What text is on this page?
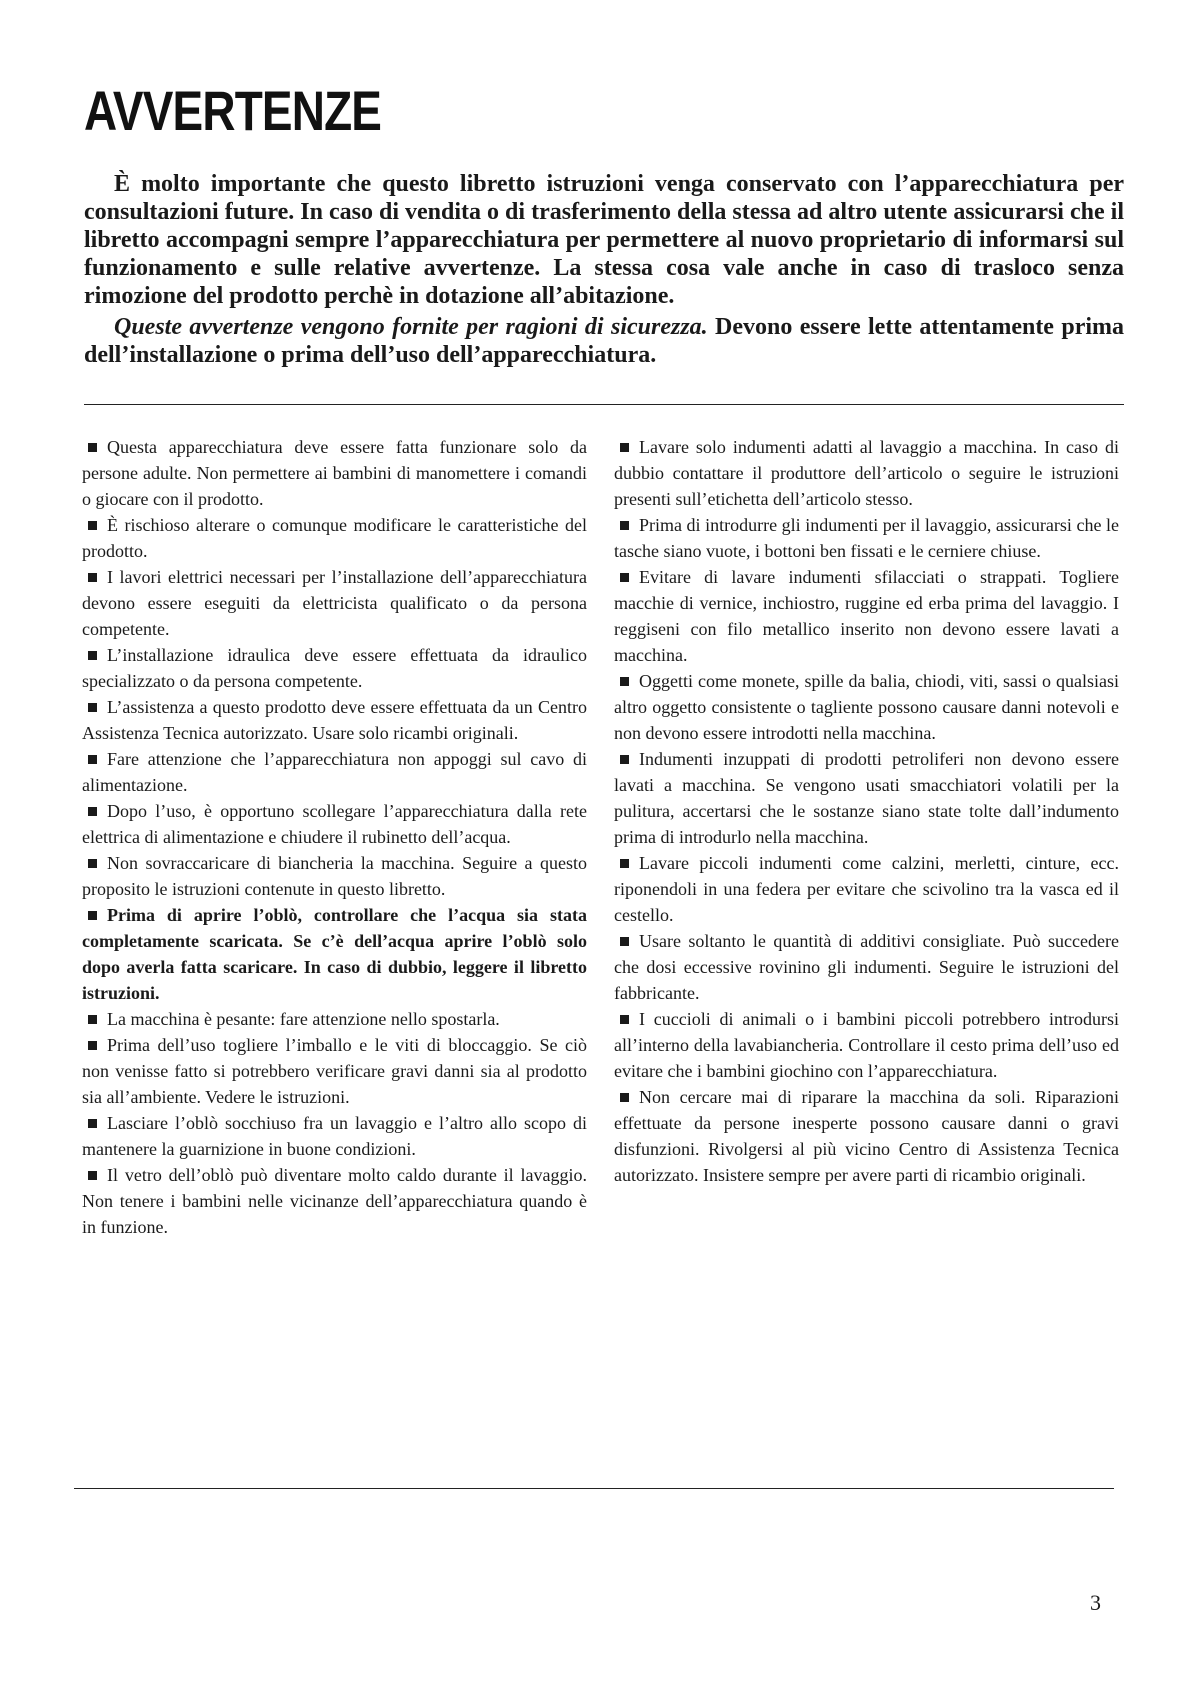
AVVERTENZE

È molto importante che questo libretto istruzioni venga conservato con l’apparecchiatura per consultazioni future. In caso di vendita o di trasferimento della stessa ad altro utente assicurarsi che il libretto accompagni sempre l’apparecchiatura per permettere al nuovo proprietario di informarsi sul funzionamento e sulle relative avvertenze. La stessa cosa vale anche in caso di trasloco senza rimozione del prodotto perchè in dotazione all’abitazione.

Queste avvertenze vengono fornite per ragioni di sicurezza. Devono essere lette attentamente prima dell’installazione o prima dell’uso dell’apparecchiatura.

Questa apparecchiatura deve essere fatta funzionare solo da persone adulte. Non permettere ai bambini di manomettere i comandi o giocare con il prodotto.

È rischioso alterare o comunque modificare le caratteristiche del prodotto.

I lavori elettrici necessari per l’installazione dell’apparecchiatura devono essere eseguiti da elettricista qualificato o da persona competente.

L’installazione idraulica deve essere effettuata da idraulico specializzato o da persona competente.

L’assistenza a questo prodotto deve essere effettuata da un Centro Assistenza Tecnica autorizzato. Usare solo ricambi originali.

Fare attenzione che l’apparecchiatura non appoggi sul cavo di alimentazione.

Dopo l’uso, è opportuno scollegare l’apparecchiatura dalla rete elettrica di alimentazione e chiudere il rubinetto dell’acqua.

Non sovraccaricare di biancheria la macchina. Seguire a questo proposito le istruzioni contenute in questo libretto.

Prima di aprire l’oblò, controllare che l’acqua sia stata completamente scaricata. Se c’è dell’acqua aprire l’oblò solo dopo averla fatta scaricare. In caso di dubbio, leggere il libretto istruzioni.

La macchina è pesante: fare attenzione nello spostarla.

Prima dell’uso togliere l’imballo e le viti di bloccaggio. Se ciò non venisse fatto si potrebbero verificare gravi danni sia al prodotto sia all’ambiente. Vedere le istruzioni.

Lasciare l’oblò socchiuso fra un lavaggio e l’altro allo scopo di mantenere la guarnizione in buone condizioni.

Il vetro dell’oblò può diventare molto caldo durante il lavaggio. Non tenere i bambini nelle vicinanze dell’apparecchiatura quando è in funzione.

Lavare solo indumenti adatti al lavaggio a macchina. In caso di dubbio contattare il produttore dell’articolo o seguire le istruzioni presenti sull’etichetta dell’articolo stesso.

Prima di introdurre gli indumenti per il lavaggio, assicurarsi che le tasche siano vuote, i bottoni ben fissati e le cerniere chiuse.

Evitare di lavare indumenti sfilacciati o strappati. Togliere macchie di vernice, inchiostro, ruggine ed erba prima del lavaggio. I reggiseni con filo metallico inserito non devono essere lavati a macchina.

Oggetti come monete, spille da balia, chiodi, viti, sassi o qualsiasi altro oggetto consistente o tagliente possono causare danni notevoli e non devono essere introdotti nella macchina.

Indumenti inzuppati di prodotti petroliferi non devono essere lavati a macchina. Se vengono usati smacchiatori volatili per la pulitura, accertarsi che le sostanze siano state tolte dall’indumento prima di introdurlo nella macchina.

Lavare piccoli indumenti come calzini, merletti, cinture, ecc. riponendoli in una federa per evitare che scivolino tra la vasca ed il cestello.

Usare soltanto le quantità di additivi consigliate. Può succedere che dosi eccessive rovinino gli indumenti. Seguire le istruzioni del fabbricante.

I cuccioli di animali o i bambini piccoli potrebbero introdursi all’interno della lavabiancheria. Controllare il cesto prima dell’uso ed evitare che i bambini giochino con l’apparecchiatura.

Non cercare mai di riparare la macchina da soli. Riparazioni effettuate da persone inesperte possono causare danni o gravi disfunzioni. Rivolgersi al più vicino Centro di Assistenza Tecnica autorizzato. Insistere sempre per avere parti di ricambio originali.

3
